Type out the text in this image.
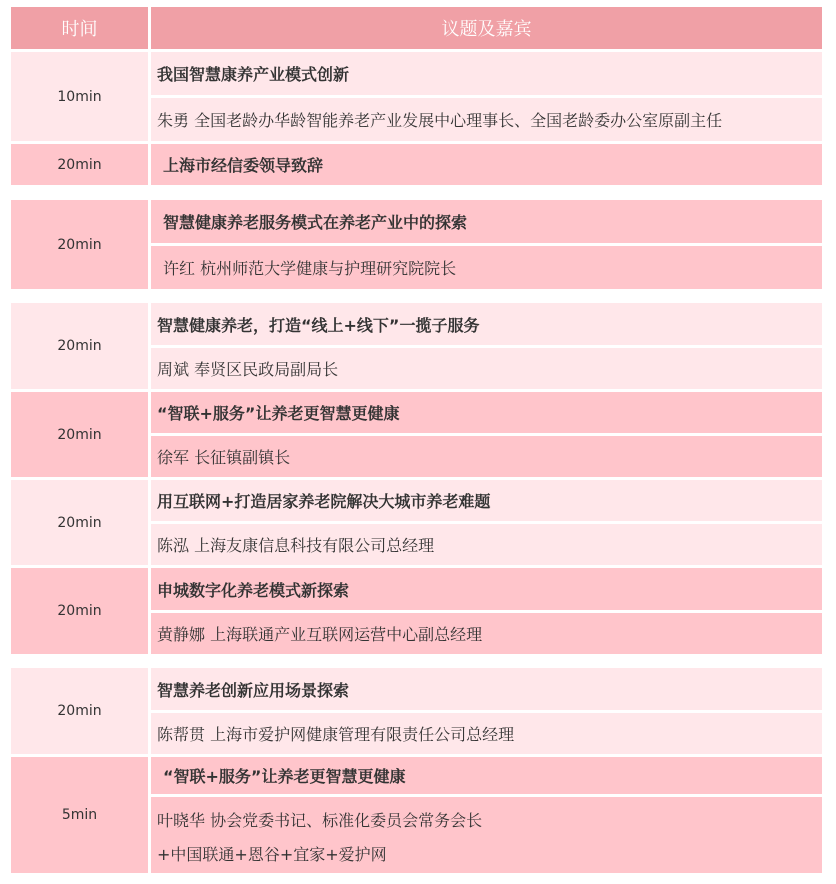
时间	议题及嘉宾
10min
我国智慧康养产业模式创新
朱勇 全国老龄办华龄智能养老产业发展中心理事长、全国老龄委办公室原副主任
20min	上海市经信委领导致辞
20min
智慧健康养老服务模式在养老产业中的探索
许红 杭州师范大学健康与护理研究院院长
20min
智慧健康养老，打造“线上+线下”一揽子服务
周斌 奉贤区民政局副局长
20min
“智联+服务”让养老更智慧更健康
徐军 长征镇副镇长
20min
用互联网+打造居家养老院解决大城市养老难题
陈泓 上海友康信息科技有限公司总经理
20min
申城数字化养老模式新探索
黄静娜 上海联通产业互联网运营中心副总经理
20min
智慧养老创新应用场景探索
陈帮贯 上海市爱护网健康管理有限责任公司总经理
5min
“智联+服务”让养老更智慧更健康
叶晓华 协会党委书记、标准化委员会常务会长
+中国联通+恩谷+宜家+爱护网
